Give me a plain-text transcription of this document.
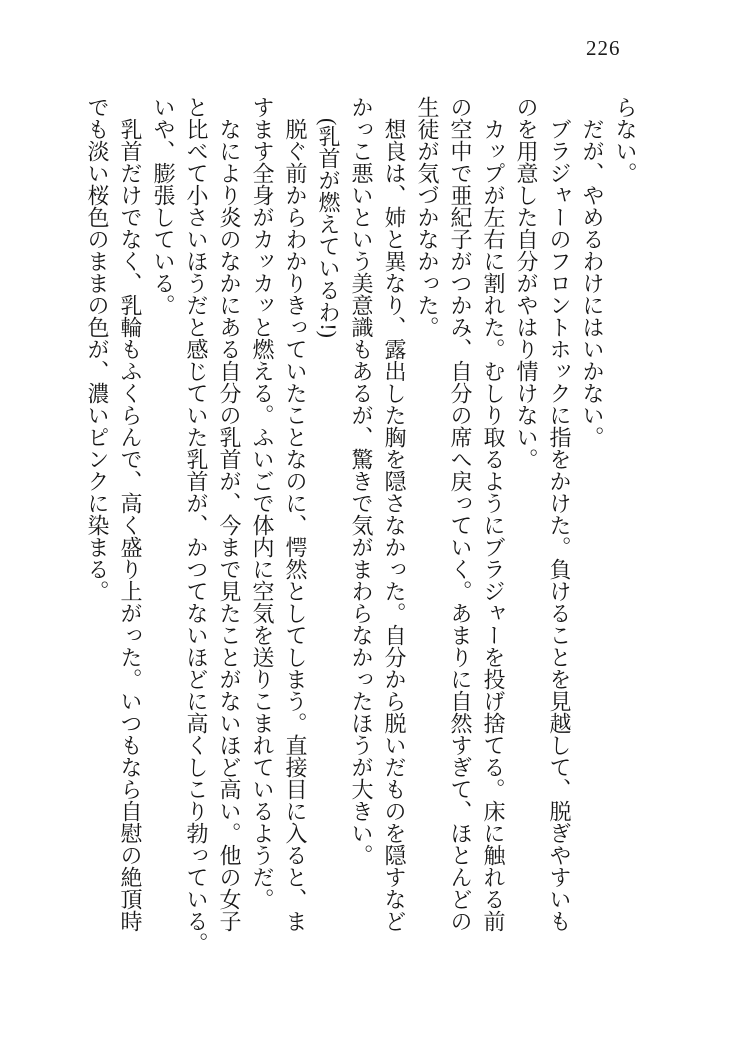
226
らない。
だが、やめるわけにはいかない。
ブラジャーのフロントホックに指をかけた。負けることを見越して、脱ぎやすいも
のを用意した自分がやはり情けない。
カップが左右に割れた。むしり取るようにブラジャーを投げ捨てる。床に触れる前
の空中で亜紀子がつかみ、自分の席へ戻っていく。あまりに自然すぎて、ほとんどの
生徒が気づかなかった。
想良は、姉と異なり、露出した胸を隠さなかった。自分から脱いだものを隠すなど
かっこ悪いという美意識もあるが、驚きで気がまわらなかったほうが大きい。
(乳首が燃えているわ!)
脱ぐ前からわかりきっていたことなのに、愕然としてしまう。直接目に入ると、ま
すます全身がカッカッと燃える。ふいごで体内に空気を送りこまれているようだ。
なにより炎のなかにある自分の乳首が、今まで見たことがないほど高い。他の女子
と比べて小さいほうだと感じていた乳首が、かつてないほどに高くしこり勃っている。
いや、膨張している。
乳首だけでなく、乳輪もふくらんで、高く盛り上がった。いつもなら自慰の絶頂時
でも淡い桜色のままの色が、濃いピンクに染まる。
